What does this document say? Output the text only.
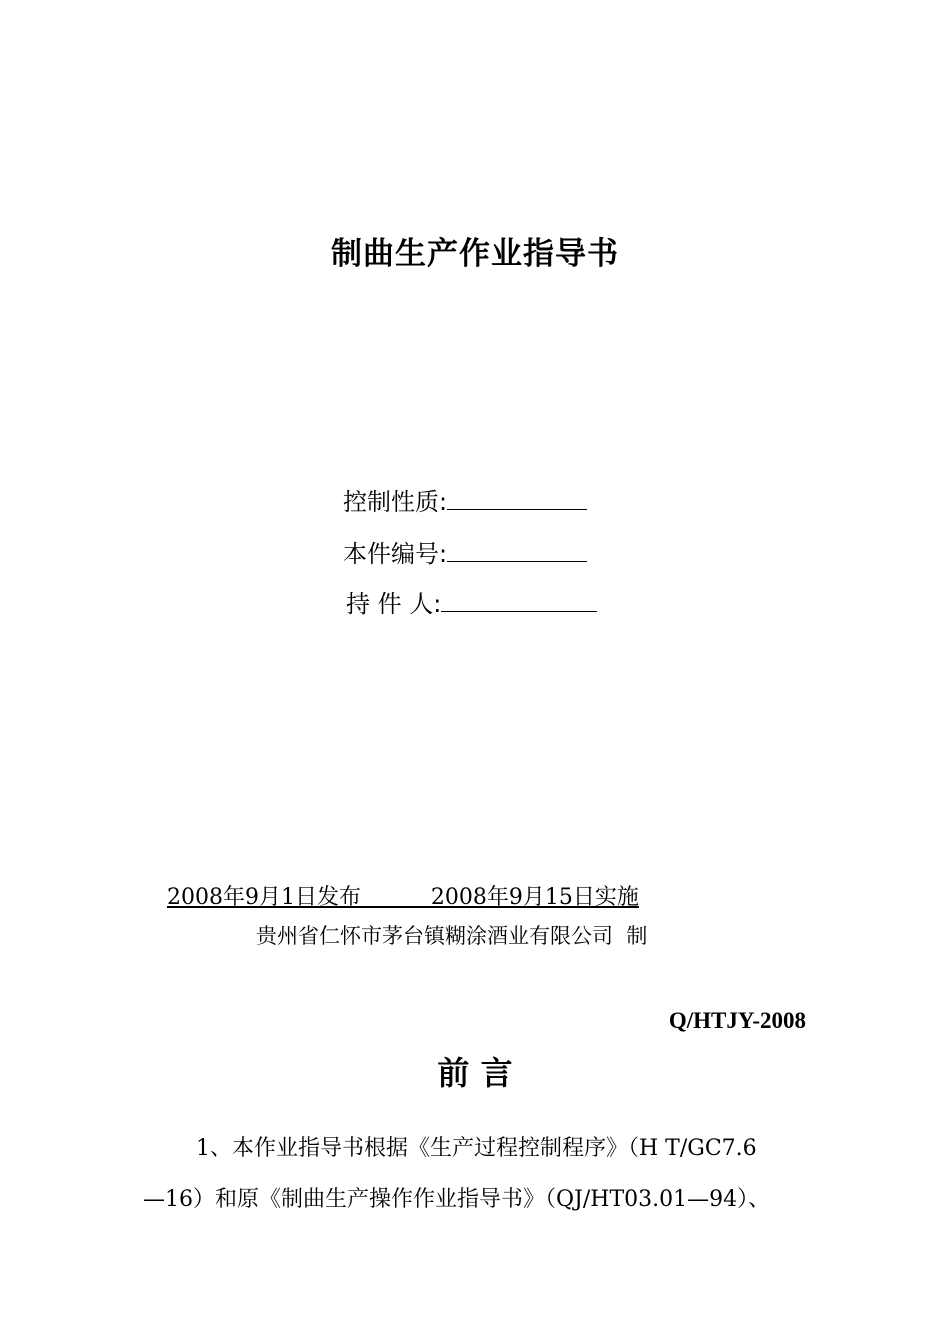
制曲生产作业指导书
控制性质:
本件编号:
持 件 人:
2008年9月1日发布          2008年9月15日实施
贵州省仁怀市茅台镇糊涂酒业有限公司  制
Q/HTJY-2008
前 言
1、本作业指导书根据《生产过程控制程序》（H T/GC7.6
—16）和原《制曲生产操作作业指导书》（QJ/HT03.01—94）、
